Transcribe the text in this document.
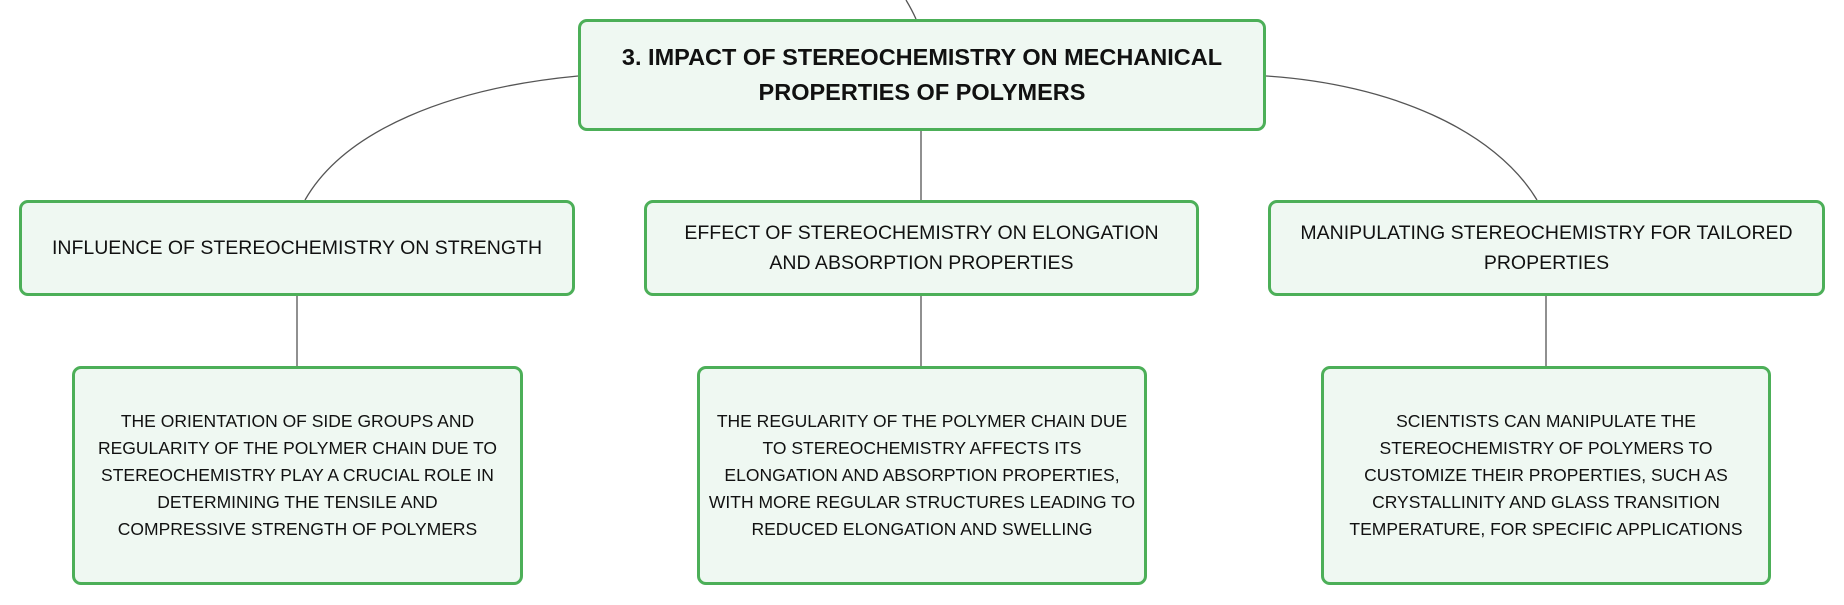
3. IMPACT OF STEREOCHEMISTRY ON MECHANICAL PROPERTIES OF POLYMERS
INFLUENCE OF STEREOCHEMISTRY ON STRENGTH
EFFECT OF STEREOCHEMISTRY ON ELONGATION AND ABSORPTION PROPERTIES
MANIPULATING STEREOCHEMISTRY FOR TAILORED PROPERTIES
THE ORIENTATION OF SIDE GROUPS AND REGULARITY OF THE POLYMER CHAIN DUE TO STEREOCHEMISTRY PLAY A CRUCIAL ROLE IN DETERMINING THE TENSILE AND COMPRESSIVE STRENGTH OF POLYMERS
THE REGULARITY OF THE POLYMER CHAIN DUE TO STEREOCHEMISTRY AFFECTS ITS ELONGATION AND ABSORPTION PROPERTIES, WITH MORE REGULAR STRUCTURES LEADING TO REDUCED ELONGATION AND SWELLING
SCIENTISTS CAN MANIPULATE THE STEREOCHEMISTRY OF POLYMERS TO CUSTOMIZE THEIR PROPERTIES, SUCH AS CRYSTALLINITY AND GLASS TRANSITION TEMPERATURE, FOR SPECIFIC APPLICATIONS
